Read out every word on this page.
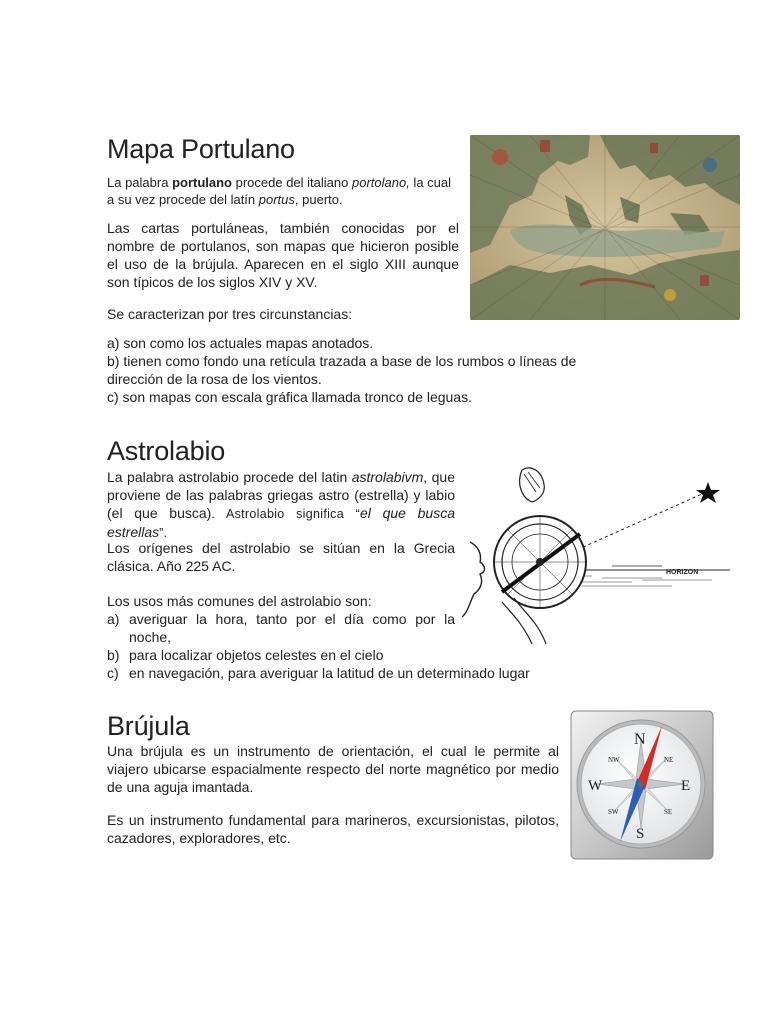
Mapa Portulano

La palabra portulano procede del italiano portolano, la cual a su vez procede del latín portus, puerto.

Las cartas portuláneas, también conocidas por el nombre de portulanos, son mapas que hicieron posible el uso de la brújula. Aparecen en el siglo XIII aunque son típicos de los siglos XIV y XV.

Se caracterizan por tres circunstancias:

a) son como los actuales mapas anotados.
b) tienen como fondo una retícula trazada a base de los rumbos o líneas de dirección de la rosa de los vientos.
c) son mapas con escala gráfica llamada tronco de leguas.
Astrolabio

La palabra astrolabio procede del latin astrolabivm, que proviene de las palabras griegas astro (estrella) y labio (el que busca). Astrolabio significa “el que busca estrellas”.

Los orígenes del astrolabio se sitúan en la Grecia clásica. Año 225 AC.

Los usos más comunes del astrolabio son:

a) averiguar la hora, tanto por el día como por la noche,
b) para localizar objetos celestes en el cielo
c) en navegación, para averiguar la latitud de un determinado lugar
HORIZON
Brújula

Una brújula es un instrumento de orientación, el cual le permite al viajero ubicarse espacialmente respecto del norte magnético por medio de una aguja imantada.

Es un instrumento fundamental para marineros, excursionistas, pilotos, cazadores, exploradores, etc.

N
S
E
W
NE
NW
SE
SW
